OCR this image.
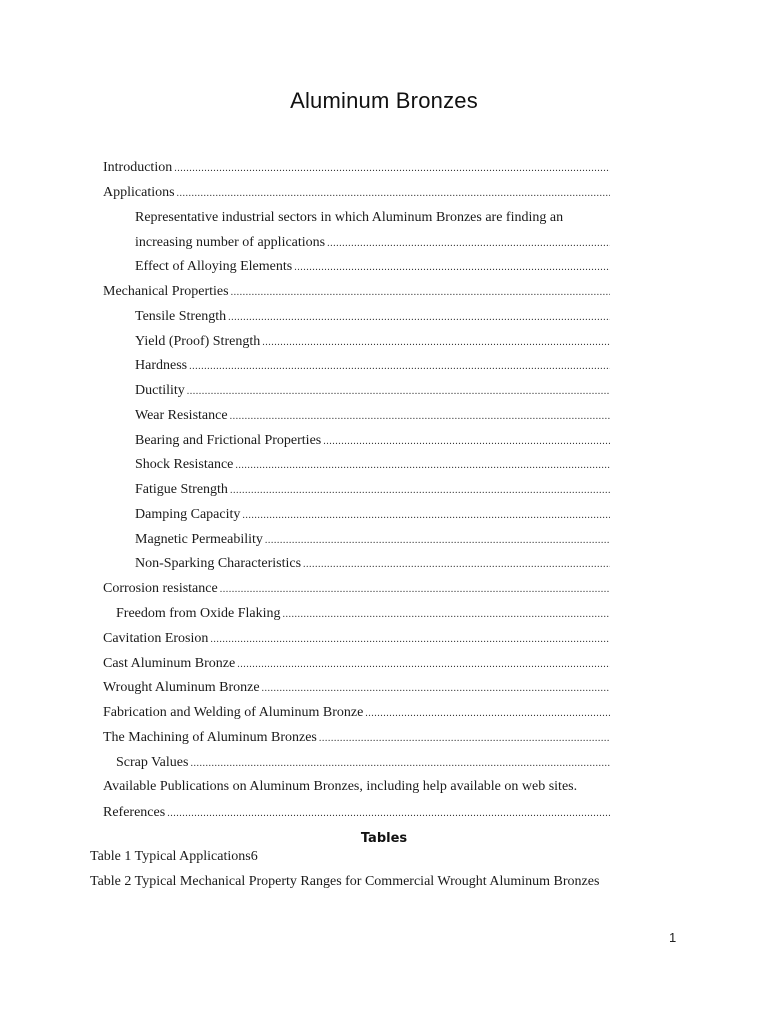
Aluminum Bronzes
Introduction
.....
Applications
.....
Representative industrial sectors in which Aluminum Bronzes are finding an
increasing number of applications
.....
Effect of Alloying Elements
.....
Mechanical Properties
.....
Tensile Strength
.....
Yield (Proof) Strength
.....
Hardness
.....
Ductility
.....
Wear Resistance
.....
Bearing and Frictional Properties
.....
Shock Resistance
.....
Fatigue Strength
.....
Damping Capacity
.....
Magnetic Permeability
.....
Non-Sparking Characteristics
.....
Corrosion resistance
.....
Freedom from Oxide Flaking
.....
Cavitation Erosion
.....
Cast Aluminum Bronze
.....
Wrought Aluminum Bronze
.....
Fabrication and Welding of Aluminum Bronze
.....
The Machining of Aluminum Bronzes
.....
Scrap Values
.....
Available Publications on Aluminum Bronzes, including help available on web sites.
References
.....
Tables
Table 1 Typical Applications6
Table 2 Typical Mechanical Property Ranges for Commercial Wrought Aluminum Bronzes
1
